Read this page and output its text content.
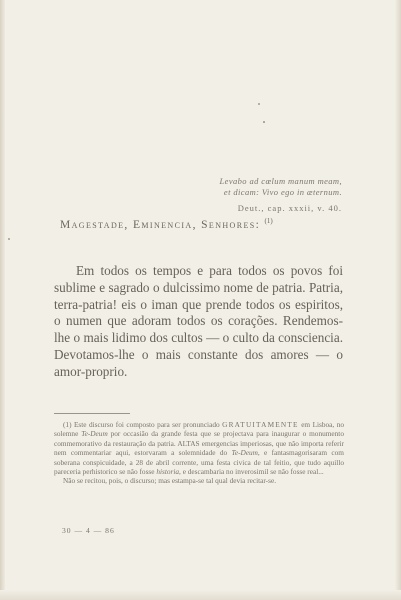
Levabo ad cœlum manum meam,
et dicam: Vivo ego in æternum.
Deut., cap. xxxii, v. 40.
Magestade, Eminencia, Senhores: $^{(1)}$

Em todos os tempos e para todos os povos foi sublime e sagrado o dulcissimo nome de patria. Patria, terra-patria! eis o iman que prende todos os espiritos, o numen que adoram todos os corações. Rendemos-lhe o mais lidimo dos cultos — o culto da consciencia. Devotamos-lhe o mais constante dos amores — o amor-proprio.

(1) Este discurso foi composto para ser pronunciado GRATUITAMENTE em Lisboa, no solemne Te-Deum por occasião da grande festa que se projectava para inaugurar o monumento commemorativo da restauração da patria. ALTAS emergencias imperiosas, que não importa referir nem commentariar aqui, estorvaram a solemnidade do Te-Deum, e fantasmagorisaram com soberana conspicuidade, a 28 de abril corrente, uma festa civica de tal feitio, que tudo aquillo pareceria perhistorico se não fosse historia, e descambaria no inverosimil se não fosse real...

Não se recitou, pois, o discurso; mas estampa-se tal qual devia recitar-se.

30 — 4 — 86
